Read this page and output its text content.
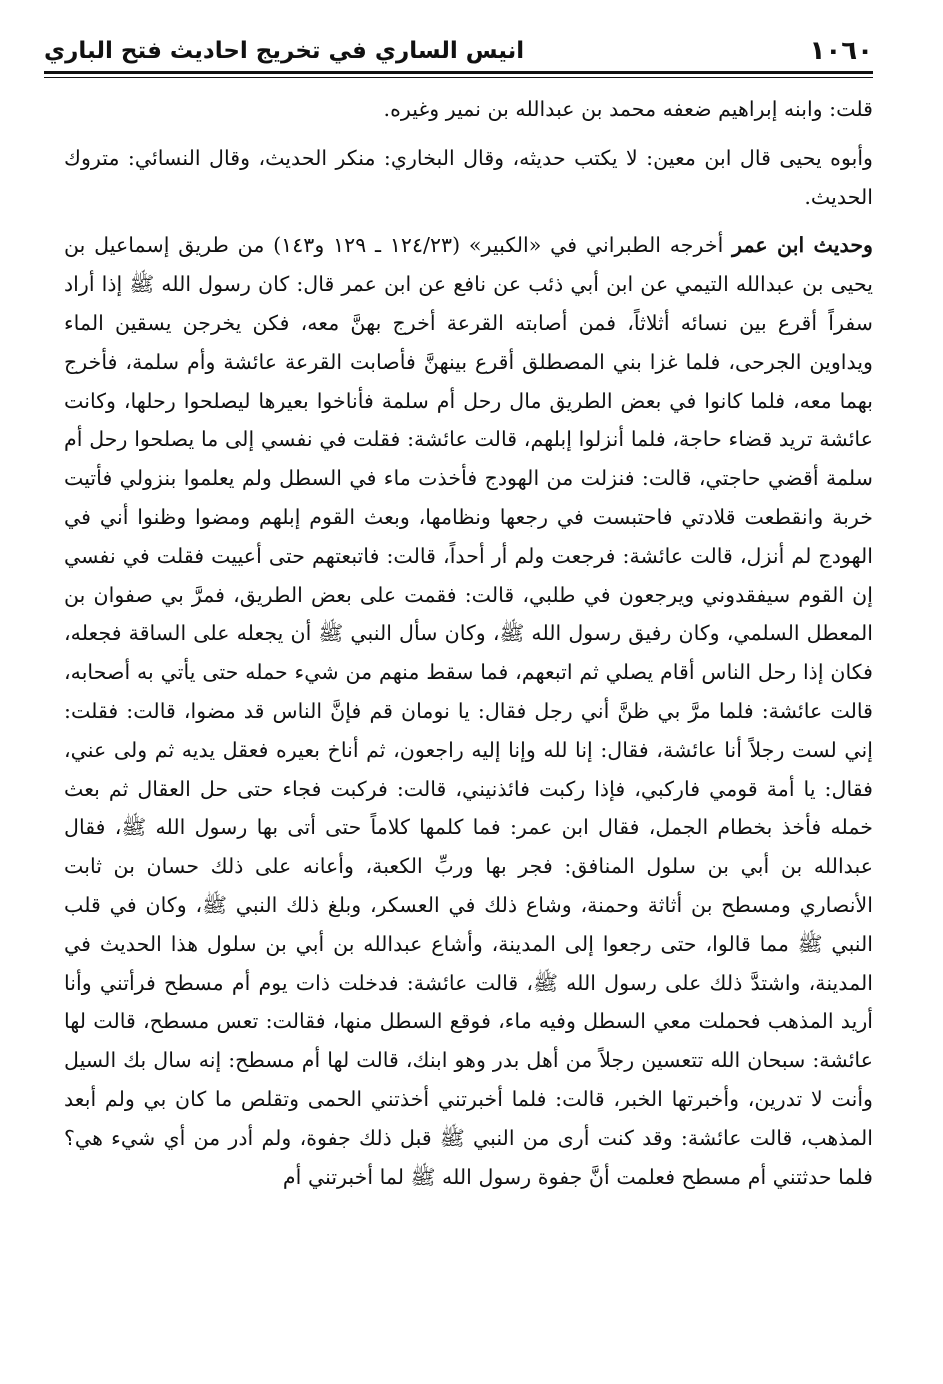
١٠٦٠
انيس الساري في تخريج احاديث فتح الباري

قلت: وابنه إبراهيم ضعفه محمد بن عبدالله بن نمير وغيره.

وأبوه يحيى قال ابن معين: لا يكتب حديثه، وقال البخاري: منكر الحديث، وقال النسائي: متروك الحديث.

وحديث ابن عمر أخرجه الطبراني في «الكبير» (١٢٤/٢٣ ـ ١٢٩ و١٤٣) من طريق إسماعيل بن يحيى بن عبدالله التيمي عن ابن أبي ذئب عن نافع عن ابن عمر قال: كان رسول الله ﷺ إذا أراد سفراً أقرع بين نسائه أثلاثاً، فمن أصابته القرعة أخرج بهنَّ معه، فكن يخرجن يسقين الماء ويداوين الجرحى، فلما غزا بني المصطلق أقرع بينهنَّ فأصابت القرعة عائشة وأم سلمة، فأخرج بهما معه، فلما كانوا في بعض الطريق مال رحل أم سلمة فأناخوا بعيرها ليصلحوا رحلها، وكانت عائشة تريد قضاء حاجة، فلما أنزلوا إبلهم، قالت عائشة: فقلت في نفسي إلى ما يصلحوا رحل أم سلمة أقضي حاجتي، قالت: فنزلت من الهودج فأخذت ماء في السطل ولم يعلموا بنزولي فأتيت خربة وانقطعت قلادتي فاحتبست في رجعها ونظامها، وبعث القوم إبلهم ومضوا وظنوا أني في الهودج لم أنزل، قالت عائشة: فرجعت ولم أر أحداً، قالت: فاتبعتهم حتى أعييت فقلت في نفسي إن القوم سيفقدوني ويرجعون في طلبي، قالت: فقمت على بعض الطريق، فمرَّ بي صفوان بن المعطل السلمي، وكان رفيق رسول الله ﷺ، وكان سأل النبي ﷺ أن يجعله على الساقة فجعله، فكان إذا رحل الناس أقام يصلي ثم اتبعهم، فما سقط منهم من شيء حمله حتى يأتي به أصحابه، قالت عائشة: فلما مرَّ بي ظنَّ أني رجل فقال: يا نومان قم فإنَّ الناس قد مضوا، قالت: فقلت: إني لست رجلاً أنا عائشة، فقال: إنا لله وإنا إليه راجعون، ثم أناخ بعيره فعقل يديه ثم ولى عني، فقال: يا أمة قومي فاركبي، فإذا ركبت فائذنيني، قالت: فركبت فجاء حتى حل العقال ثم بعث خمله فأخذ بخطام الجمل، فقال ابن عمر: فما كلمها كلاماً حتى أتى بها رسول الله ﷺ، فقال عبدالله بن أبي بن سلول المنافق: فجر بها وربِّ الكعبة، وأعانه على ذلك حسان بن ثابت الأنصاري ومسطح بن أثاثة وحمنة، وشاع ذلك في العسكر، وبلغ ذلك النبي ﷺ، وكان في قلب النبي ﷺ مما قالوا، حتى رجعوا إلى المدينة، وأشاع عبدالله بن أبي بن سلول هذا الحديث في المدينة، واشتدَّ ذلك على رسول الله ﷺ، قالت عائشة: فدخلت ذات يوم أم مسطح فرأتني وأنا أريد المذهب فحملت معي السطل وفيه ماء، فوقع السطل منها، فقالت: تعس مسطح، قالت لها عائشة: سبحان الله تتعسين رجلاً من أهل بدر وهو ابنك، قالت لها أم مسطح: إنه سال بك السيل وأنت لا تدرين، وأخبرتها الخبر، قالت: فلما أخبرتني أخذتني الحمى وتقلص ما كان بي ولم أبعد المذهب، قالت عائشة: وقد كنت أرى من النبي ﷺ قبل ذلك جفوة، ولم أدر من أي شيء هي؟ فلما حدثتني أم مسطح فعلمت أنَّ جفوة رسول الله ﷺ لما أخبرتني أم
